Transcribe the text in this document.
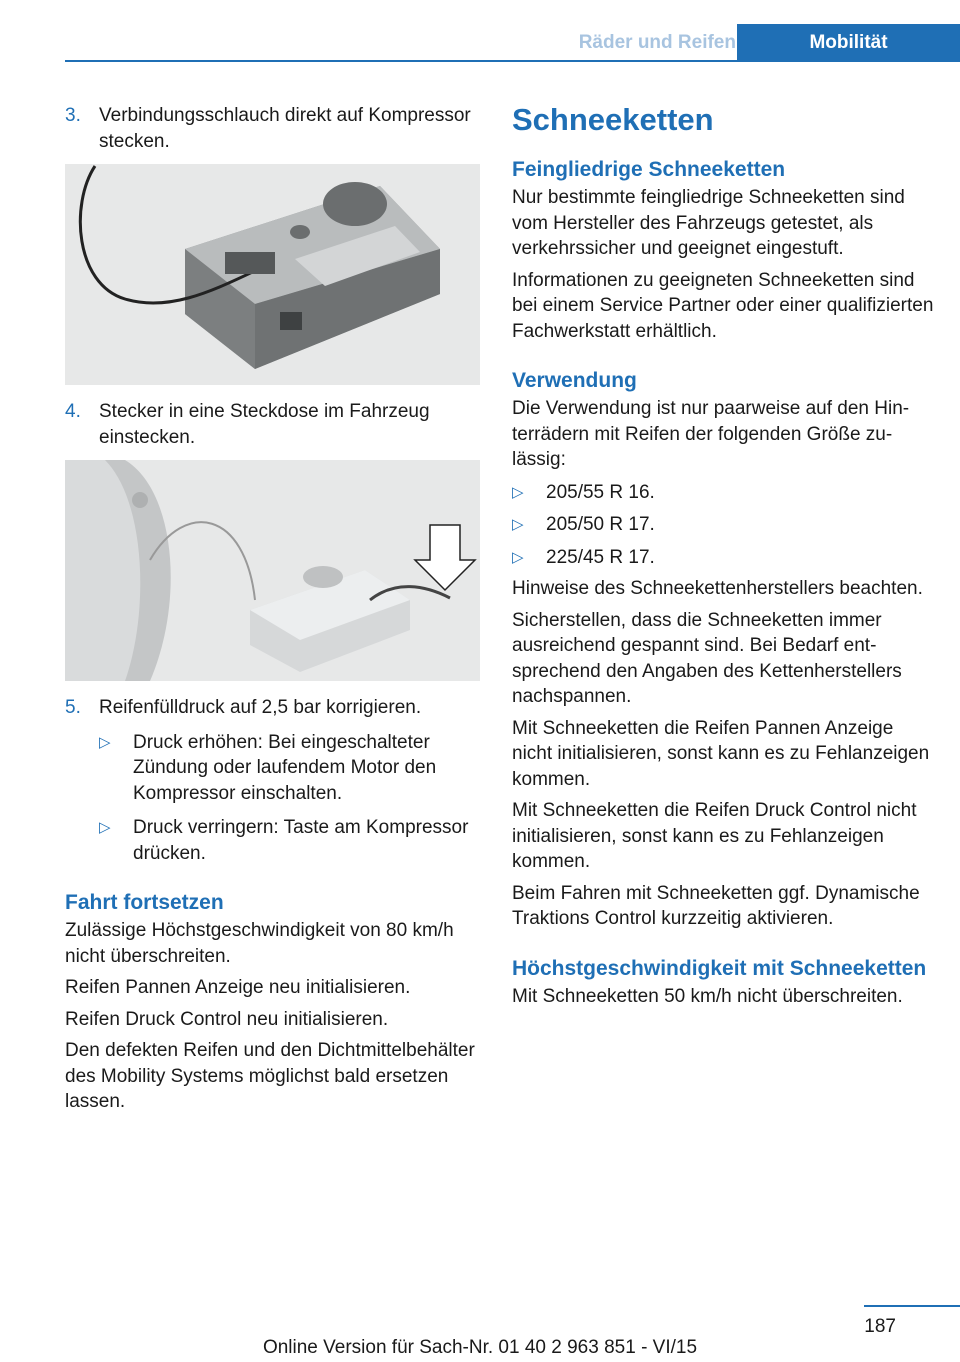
Räder und Reifen	Mobilität
3. Verbindungsschlauch direkt auf Kompressor stecken.
4. Stecker in eine Steckdose im Fahrzeug einstecken.
5. Reifenfülldruck auf 2,5 bar korrigieren.
▷	Druck erhöhen: Bei eingeschalteter Zündung oder laufendem Motor den Kompressor einschalten.
▷	Druck verringern: Taste am Kompressor drücken.
Fahrt fortsetzen

Zulässige Höchstgeschwindigkeit von 80 km/h nicht überschreiten.

Reifen Pannen Anzeige neu initialisieren.

Reifen Druck Control neu initialisieren.

Den defekten Reifen und den Dichtmittelbehälter des Mobility Systems möglichst bald ersetzen lassen.

Schneeketten
Feingliedrige Schneeketten

Nur bestimmte feingliedrige Schneeketten sind vom Hersteller des Fahrzeugs getestet, als verkehrssicher und geeignet eingestuft.

Informationen zu geeigneten Schneeketten sind bei einem Service Partner oder einer qualifizierten Fachwerkstatt erhältlich.

Verwendung

Die Verwendung ist nur paarweise auf den Hinterrädern mit Reifen der folgenden Größe zulässig:

▷	205/55 R 16.
▷	205/50 R 17.
▷	225/45 R 17.

Hinweise des Schneekettenherstellers beachten.

Sicherstellen, dass die Schneeketten immer ausreichend gespannt sind. Bei Bedarf entsprechend den Angaben des Kettenherstellers nachspannen.

Mit Schneeketten die Reifen Pannen Anzeige nicht initialisieren, sonst kann es zu Fehlanzeigen kommen.

Mit Schneeketten die Reifen Druck Control nicht initialisieren, sonst kann es zu Fehlanzeigen kommen.

Beim Fahren mit Schneeketten ggf. Dynamische Traktions Control kurzzeitig aktivieren.

Höchstgeschwindigkeit mit Schneeketten

Mit Schneeketten 50 km/h nicht überschreiten.

187
Online Version für Sach-Nr. 01 40 2 963 851 - VI/15
